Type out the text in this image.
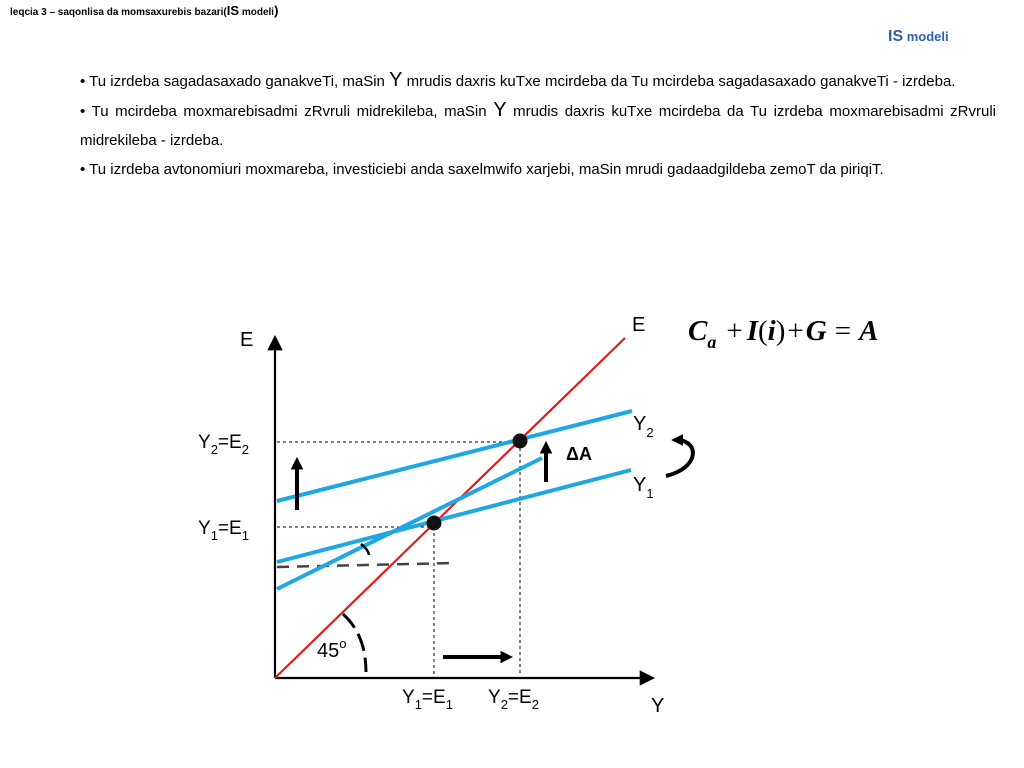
leqcia 3 – saqonlisa da momsaxurebis bazari(IS modeli)
IS modeli

• Tu izrdeba sagadasaxado ganakveTi, maSin Y mrudis daxris kuTxe mcirdeba da Tu mcirdeba sagadasaxado ganakveTi - izrdeba.

• Tu mcirdeba moxmarebisadmi zRvruli midrekileba, maSin Y mrudis daxris kuTxe mcirdeba da Tu izrdeba moxmarebisadmi zRvruli midrekileba - izrdeba.

• Tu izrdeba avtonomiuri moxmareba, investiciebi anda saxelmwifo xarjebi, maSin mrudi gadaadgildeba zemoT da piriqiT.

E
Y
E
$Y_2$
$Y_1$
ΔA
45$^o$
$Y_2=E_2$
$Y_1=E_1$
$Y_1=E_1$ $Y_2=E_2$
$C_a + I(i)+G = A$
